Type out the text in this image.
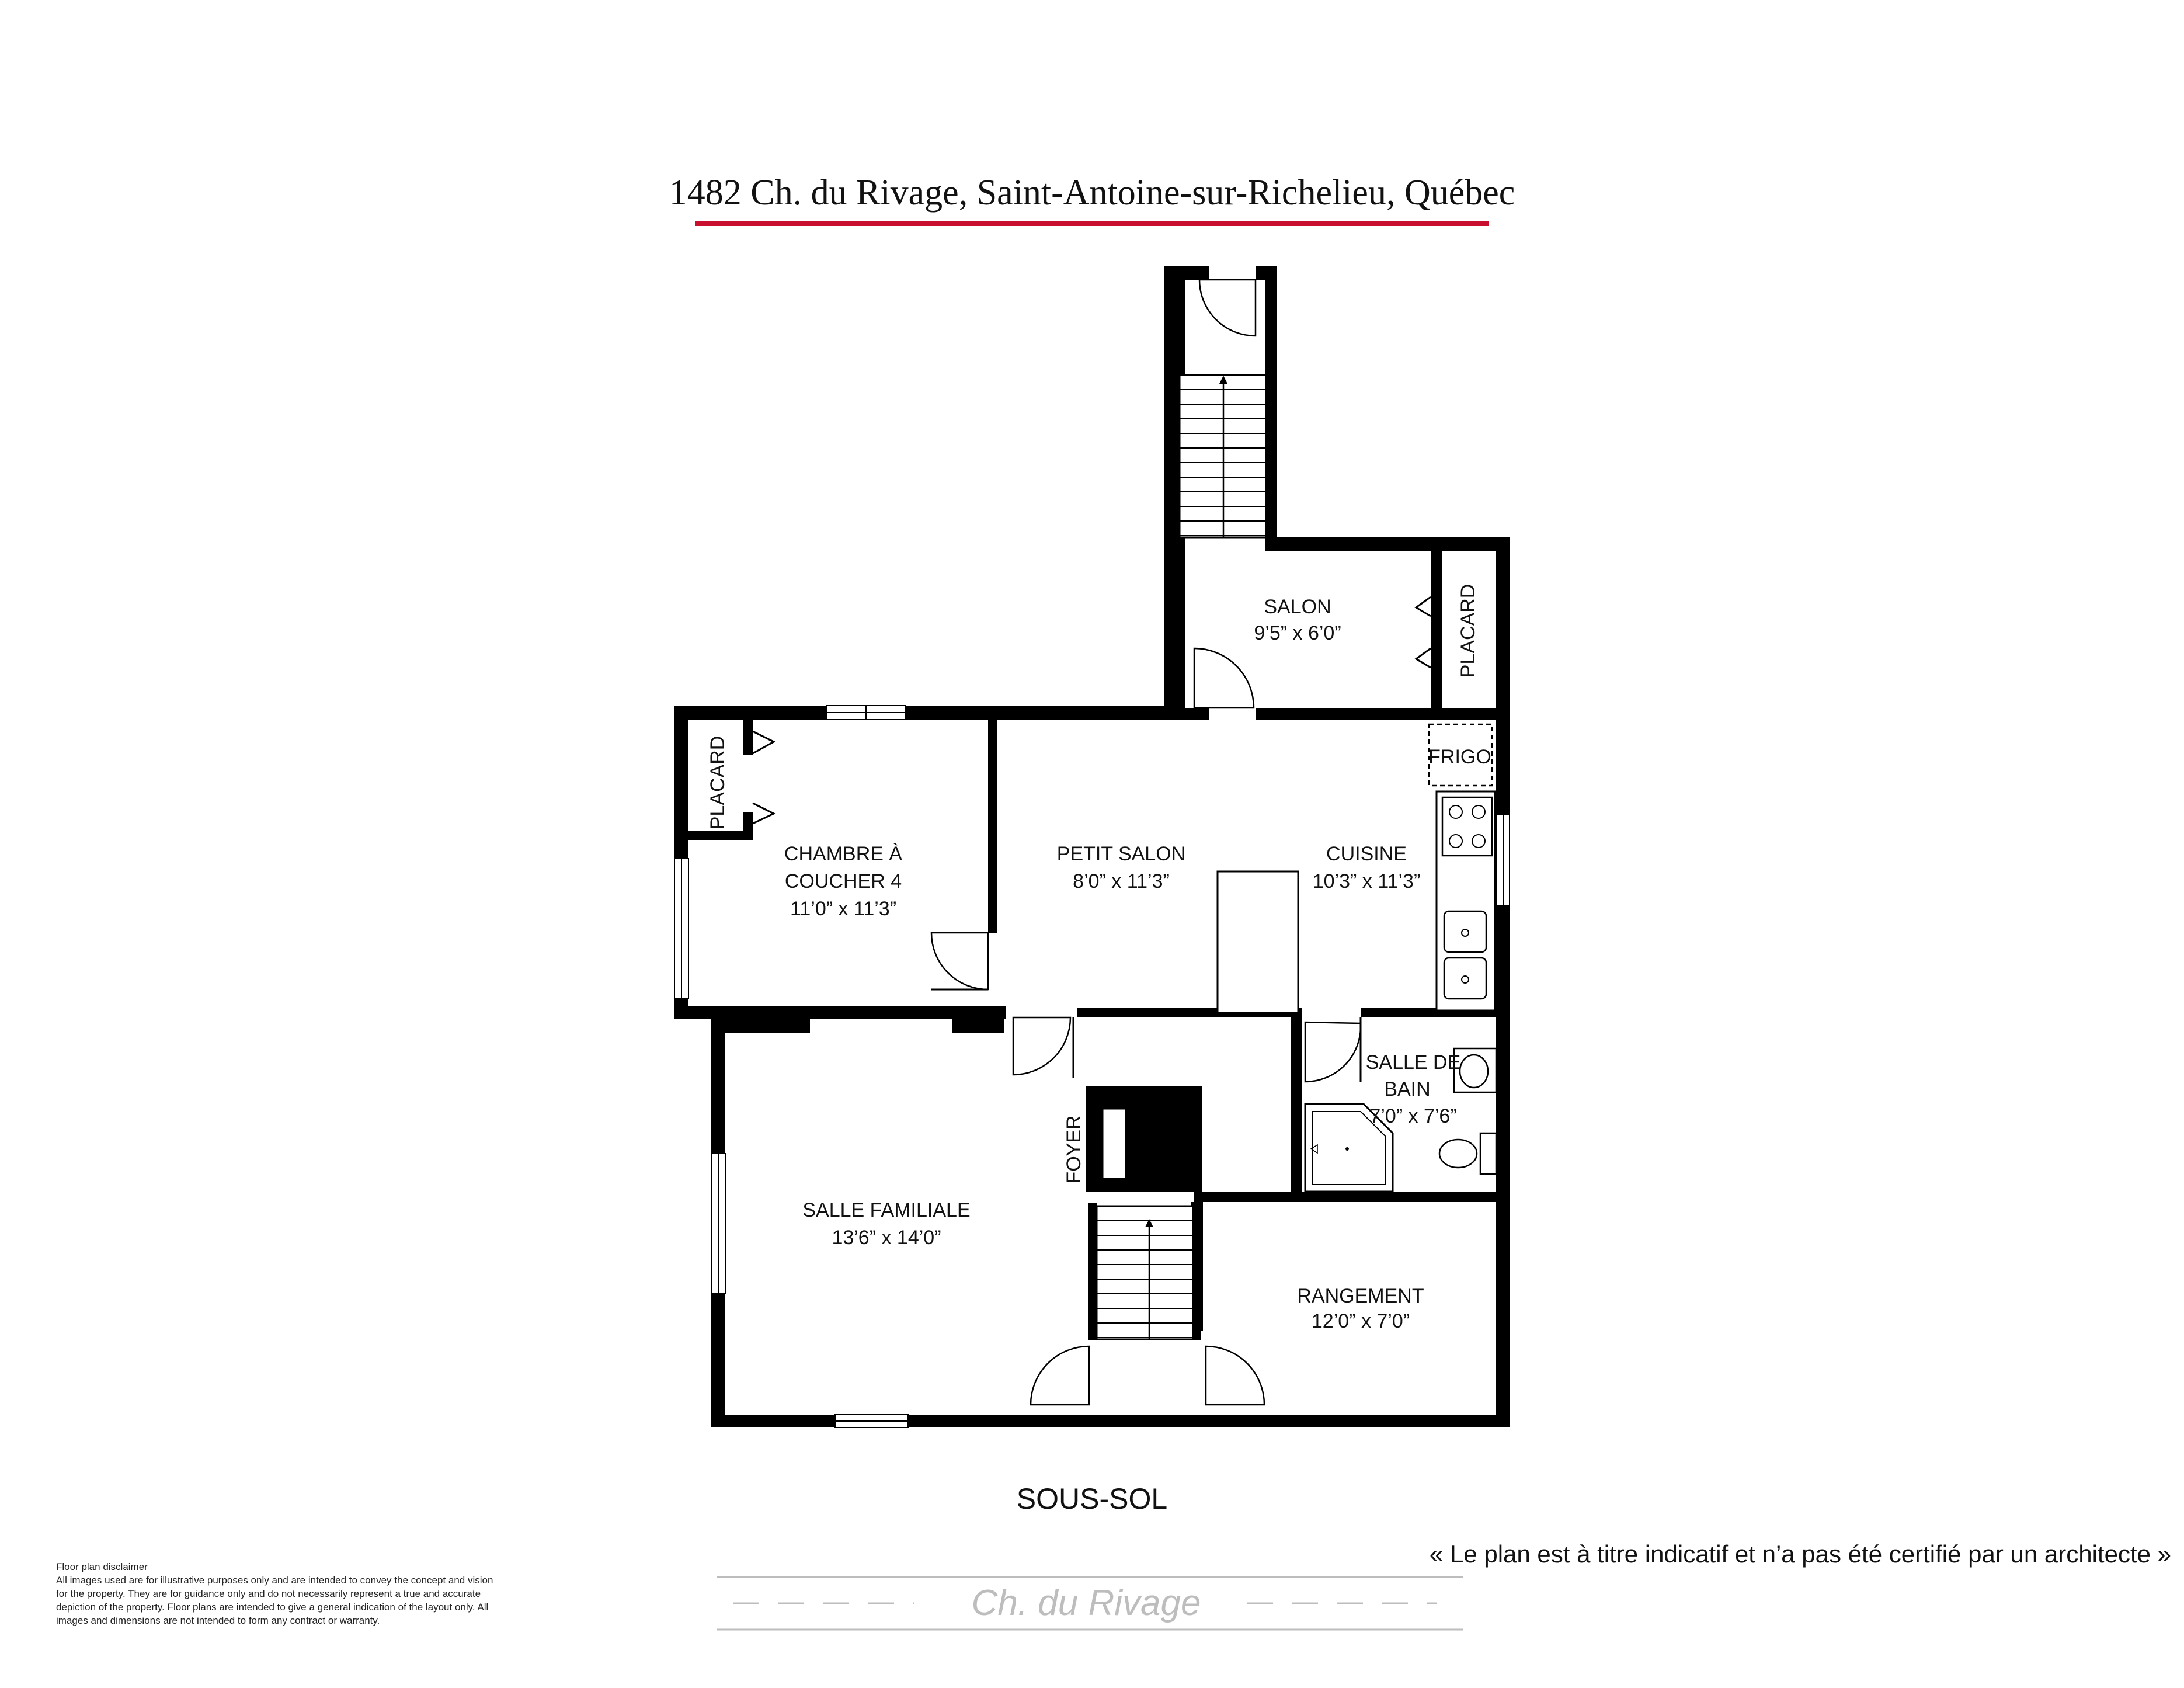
1482 Ch. du Rivage, Saint-Antoine-sur-Richelieu, Québec
SALON
9’5” x 6’0”	PLACARD
FRIGO
PLACARD
CHAMBRE À
COUCHER 4
11’0” x 11’3”
PETIT SALON
8’0” x 11’3”
CUISINE
10’3” x 11’3”
SALLE DE
BAIN
7’0” x 7’6”
FOYER
SALLE FAMILIALE
13’6” x 14’0”
RANGEMENT
12’0” x 7’0”
SOUS-SOL
« Le plan est à titre indicatif et n’a pas été certifié par un architecte »
Ch. du Rivage
Floor plan disclaimer
All images used are for illustrative purposes only and are intended to convey the concept and vision
for the property. They are for guidance only and do not necessarily represent a true and accurate
depiction of the property. Floor plans are intended to give a general indication of the layout only. All
images and dimensions are not intended to form any contract or warranty.
